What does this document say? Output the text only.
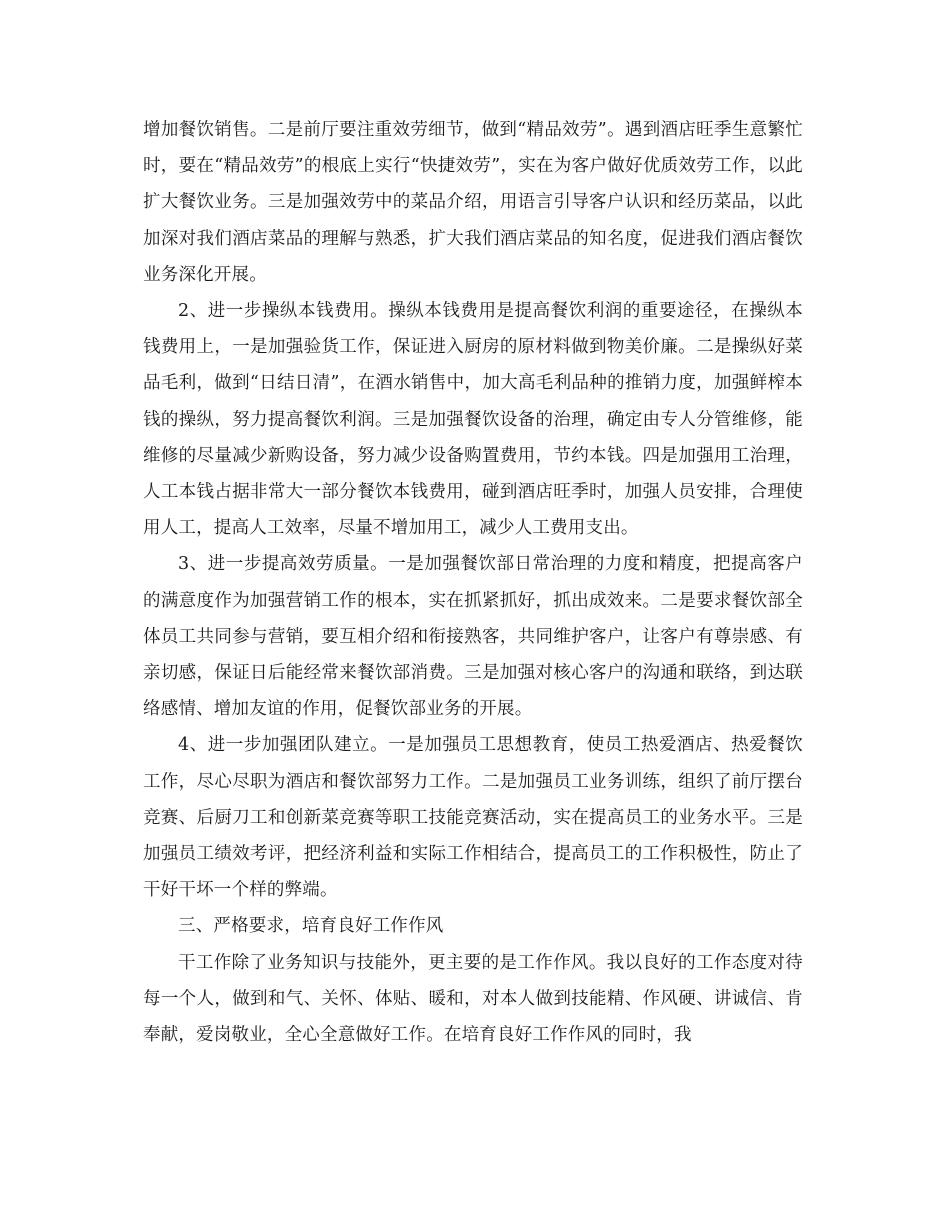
增加餐饮销售。二是前厅要注重效劳细节，做到“精品效劳”。遇到酒店旺季生意繁忙时，要在“精品效劳”的根底上实行“快捷效劳”，实在为客户做好优质效劳工作，以此扩大餐饮业务。三是加强效劳中的菜品介绍，用语言引导客户认识和经历菜品，以此加深对我们酒店菜品的理解与熟悉，扩大我们酒店菜品的知名度，促进我们酒店餐饮业务深化开展。

2、进一步操纵本钱费用。操纵本钱费用是提高餐饮利润的重要途径，在操纵本钱费用上，一是加强验货工作，保证进入厨房的原材料做到物美价廉。二是操纵好菜品毛利，做到“日结日清”，在酒水销售中，加大高毛利品种的推销力度，加强鲜榨本钱的操纵，努力提高餐饮利润。三是加强餐饮设备的治理，确定由专人分管维修，能维修的尽量减少新购设备，努力减少设备购置费用，节约本钱。四是加强用工治理，人工本钱占据非常大一部分餐饮本钱费用，碰到酒店旺季时，加强人员安排，合理使用人工，提高人工效率，尽量不增加用工，减少人工费用支出。

3、进一步提高效劳质量。一是加强餐饮部日常治理的力度和精度，把提高客户的满意度作为加强营销工作的根本，实在抓紧抓好，抓出成效来。二是要求餐饮部全体员工共同参与营销，要互相介绍和衔接熟客，共同维护客户，让客户有尊崇感、有亲切感，保证日后能经常来餐饮部消费。三是加强对核心客户的沟通和联络，到达联络感情、增加友谊的作用，促餐饮部业务的开展。

4、进一步加强团队建立。一是加强员工思想教育，使员工热爱酒店、热爱餐饮工作，尽心尽职为酒店和餐饮部努力工作。二是加强员工业务训练，组织了前厅摆台竞赛、后厨刀工和创新菜竞赛等职工技能竞赛活动，实在提高员工的业务水平。三是加强员工绩效考评，把经济利益和实际工作相结合，提高员工的工作积极性，防止了干好干坏一个样的弊端。

三、严格要求，培育良好工作作风

干工作除了业务知识与技能外，更主要的是工作作风。我以良好的工作态度对待每一个人，做到和气、关怀、体贴、暖和，对本人做到技能精、作风硬、讲诚信、肯奉献，爱岗敬业，全心全意做好工作。在培育良好工作作风的同时，我
